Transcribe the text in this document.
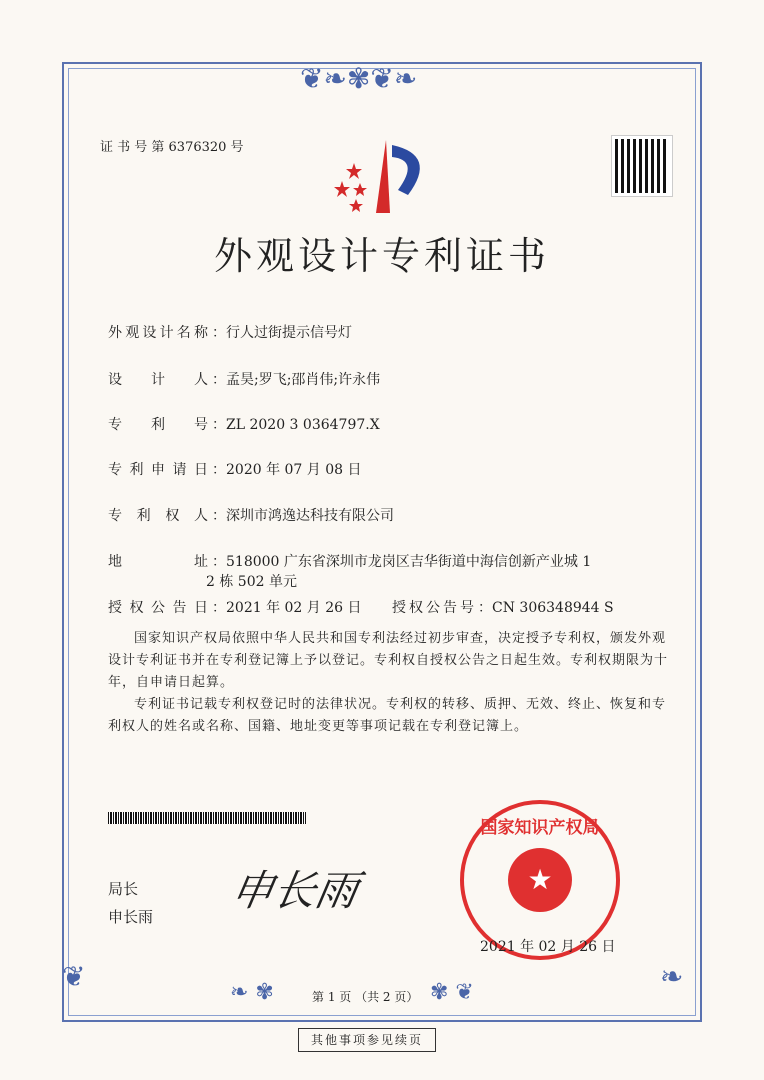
❦❧✾❦❧
❦	❧
❧ ✾	✾ ❦
证 书 号 第 6376320 号
外观设计专利证书
外观设计名称 ：行人过街提示信号灯
设计人 ：孟昊;罗飞;邵肖伟;许永伟
专利号 ：ZL 2020 3 0364797.X
专利申请日 ：2020 年 07 月 08 日
专利权人 ：深圳市鸿逸达科技有限公司
地址 ：518000 广东省深圳市龙岗区吉华街道中海信创新产业城 1
2 栋 502 单元
授权公告日 ：2021 年 02 月 26 日 授权公告号 ：CN 306348944 S
国家知识产权局依照中华人民共和国专利法经过初步审查，决定授予专利权，颁发外观设计专利证书并在专利登记簿上予以登记。专利权自授权公告之日起生效。专利权期限为十年，自申请日起算。
专利证书记载专利权登记时的法律状况。专利权的转移、质押、无效、终止、恢复和专利权人的姓名或名称、国籍、地址变更等事项记载在专利登记簿上。
局长
申长雨
申长雨	★
国家知识产权局
2021 年 02 月 26 日
第 1 页 （共 2 页）
其他事项参见续页
